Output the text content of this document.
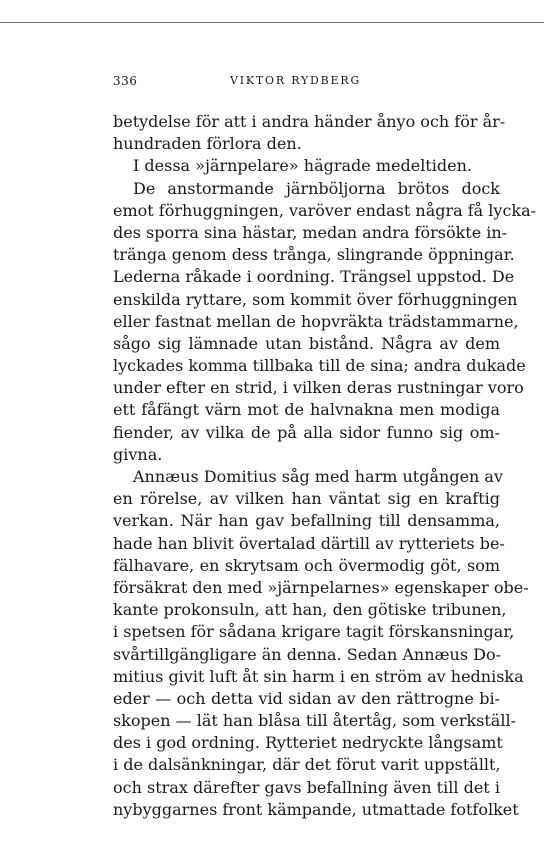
336	VIKTOR RYDBERG
betydelse för att i andra händer ånyo och för år-
hundraden förlora den.
I dessa »järnpelare» hägrade medeltiden.
De anstormande järnböljorna brötos dock
emot förhuggningen, varöver endast några få lycka-
des sporra sina hästar, medan andra försökte in-
tränga genom dess trånga, slingrande öppningar.
Lederna råkade i oordning. Trängsel uppstod. De
enskilda ryttare, som kommit över förhuggningen
eller fastnat mellan de hopvräkta trädstammarne,
sågo sig lämnade utan bistånd. Några av dem
lyckades komma tillbaka till de sina; andra dukade
under efter en strid, i vilken deras rustningar voro
ett fåfängt värn mot de halvnakna men modiga
fiender, av vilka de på alla sidor funno sig om-
givna.
Annæus Domitius såg med harm utgången av
en rörelse, av vilken han väntat sig en kraftig
verkan. När han gav befallning till densamma,
hade han blivit övertalad därtill av rytteriets be-
fälhavare, en skrytsam och övermodig göt, som
försäkrat den med »järnpelarnes» egenskaper obe-
kante prokonsuln, att han, den götiske tribunen,
i spetsen för sådana krigare tagit förskansningar,
svårtillgängligare än denna. Sedan Annæus Do-
mitius givit luft åt sin harm i en ström av hedniska
eder — och detta vid sidan av den rättrogne bi-
skopen — lät han blåsa till återtåg, som verkställ-
des i god ordning. Rytteriet nedryckte långsamt
i de dalsänkningar, där det förut varit uppställt,
och strax därefter gavs befallning även till det i
nybyggarnes front kämpande, utmattade fotfolket
